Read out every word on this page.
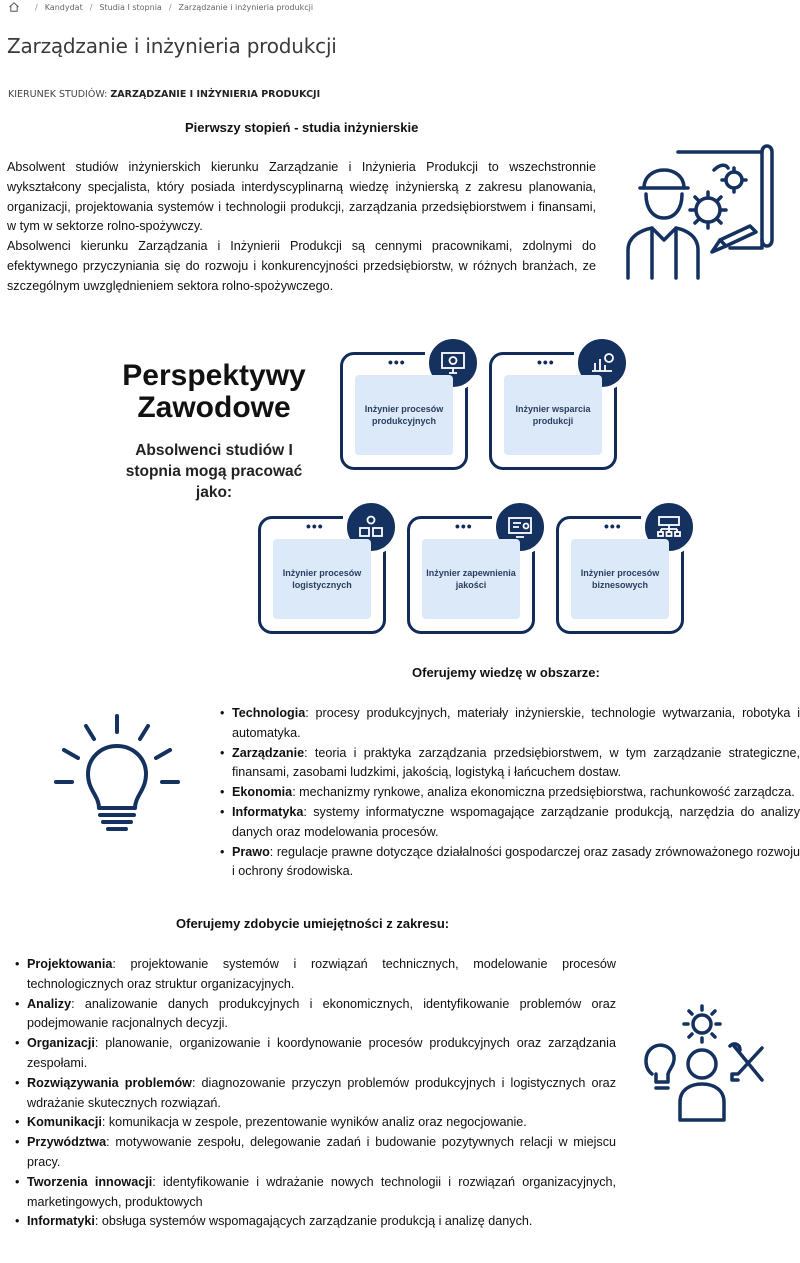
/ Kandydat / Studia I stopnia / Zarządzanie i inżynieria produkcji
Zarządzanie i inżynieria produkcji
KIERUNEK STUDIÓW: ZARZĄDZANIE I INŻYNIERIA PRODUKCJI
Pierwszy stopień - studia inżynierskie

Absolwent studiów inżynierskich kierunku Zarządzanie i Inżynieria Produkcji to wszechstronnie wykształcony specjalista, który posiada interdyscyplinarną wiedzę inżynierską z zakresu planowania, organizacji, projektowania systemów i technologii produkcji, zarządzania przedsiębiorstwem i finansami, w tym w sektorze rolno-spożywczy.

Absolwenci kierunku Zarządzania i Inżynierii Produkcji są cennymi pracownikami, zdolnymi do efektywnego przyczyniania się do rozwoju i konkurencyjności przedsiębiorstw, w różnych branżach, ze szczególnym uwzględnieniem sektora rolno-spożywczego.

Perspektywy
Zawodowe
Absolwenci studiów I stopnia mogą pracować jako:
•••
Inżynier procesów produkcyjnych
•••
Inżynier wsparcia produkcji
•••
Inżynier procesów logistycznych
•••
Inżynier zapewnienia jakości
•••
Inżynier procesów biznesowych
Oferujemy wiedzę w obszarze:
• Technologia: procesy produkcyjnych, materiały inżynierskie, technologie wytwarzania, robotyka i automatyka.
• Zarządzanie: teoria i praktyka zarządzania przedsiębiorstwem, w tym zarządzanie strategiczne, finansami, zasobami ludzkimi, jakością, logistyką i łańcuchem dostaw.
• Ekonomia: mechanizmy rynkowe, analiza ekonomiczna przedsiębiorstwa, rachunkowość zarządcza.
• Informatyka: systemy informatyczne wspomagające zarządzanie produkcją, narzędzia do analizy danych oraz modelowania procesów.
• Prawo: regulacje prawne dotyczące działalności gospodarczej oraz zasady zrównoważonego rozwoju i ochrony środowiska.
Oferujemy zdobycie umiejętności z zakresu:
• Projektowania: projektowanie systemów i rozwiązań technicznych, modelowanie procesów technologicznych oraz struktur organizacyjnych.
• Analizy: analizowanie danych produkcyjnych i ekonomicznych, identyfikowanie problemów oraz podejmowanie racjonalnych decyzji.
• Organizacji: planowanie, organizowanie i koordynowanie procesów produkcyjnych oraz zarządzania zespołami.
• Rozwiązywania problemów: diagnozowanie przyczyn problemów produkcyjnych i logistycznych oraz wdrażanie skutecznych rozwiązań.
• Komunikacji: komunikacja w zespole, prezentowanie wyników analiz oraz negocjowanie.
• Przywództwa: motywowanie zespołu, delegowanie zadań i budowanie pozytywnych relacji w miejscu pracy.
• Tworzenia innowacji: identyfikowanie i wdrażanie nowych technologii i rozwiązań organizacyjnych, marketingowych, produktowych
• Informatyki: obsługa systemów wspomagających zarządzanie produkcją i analizę danych.
